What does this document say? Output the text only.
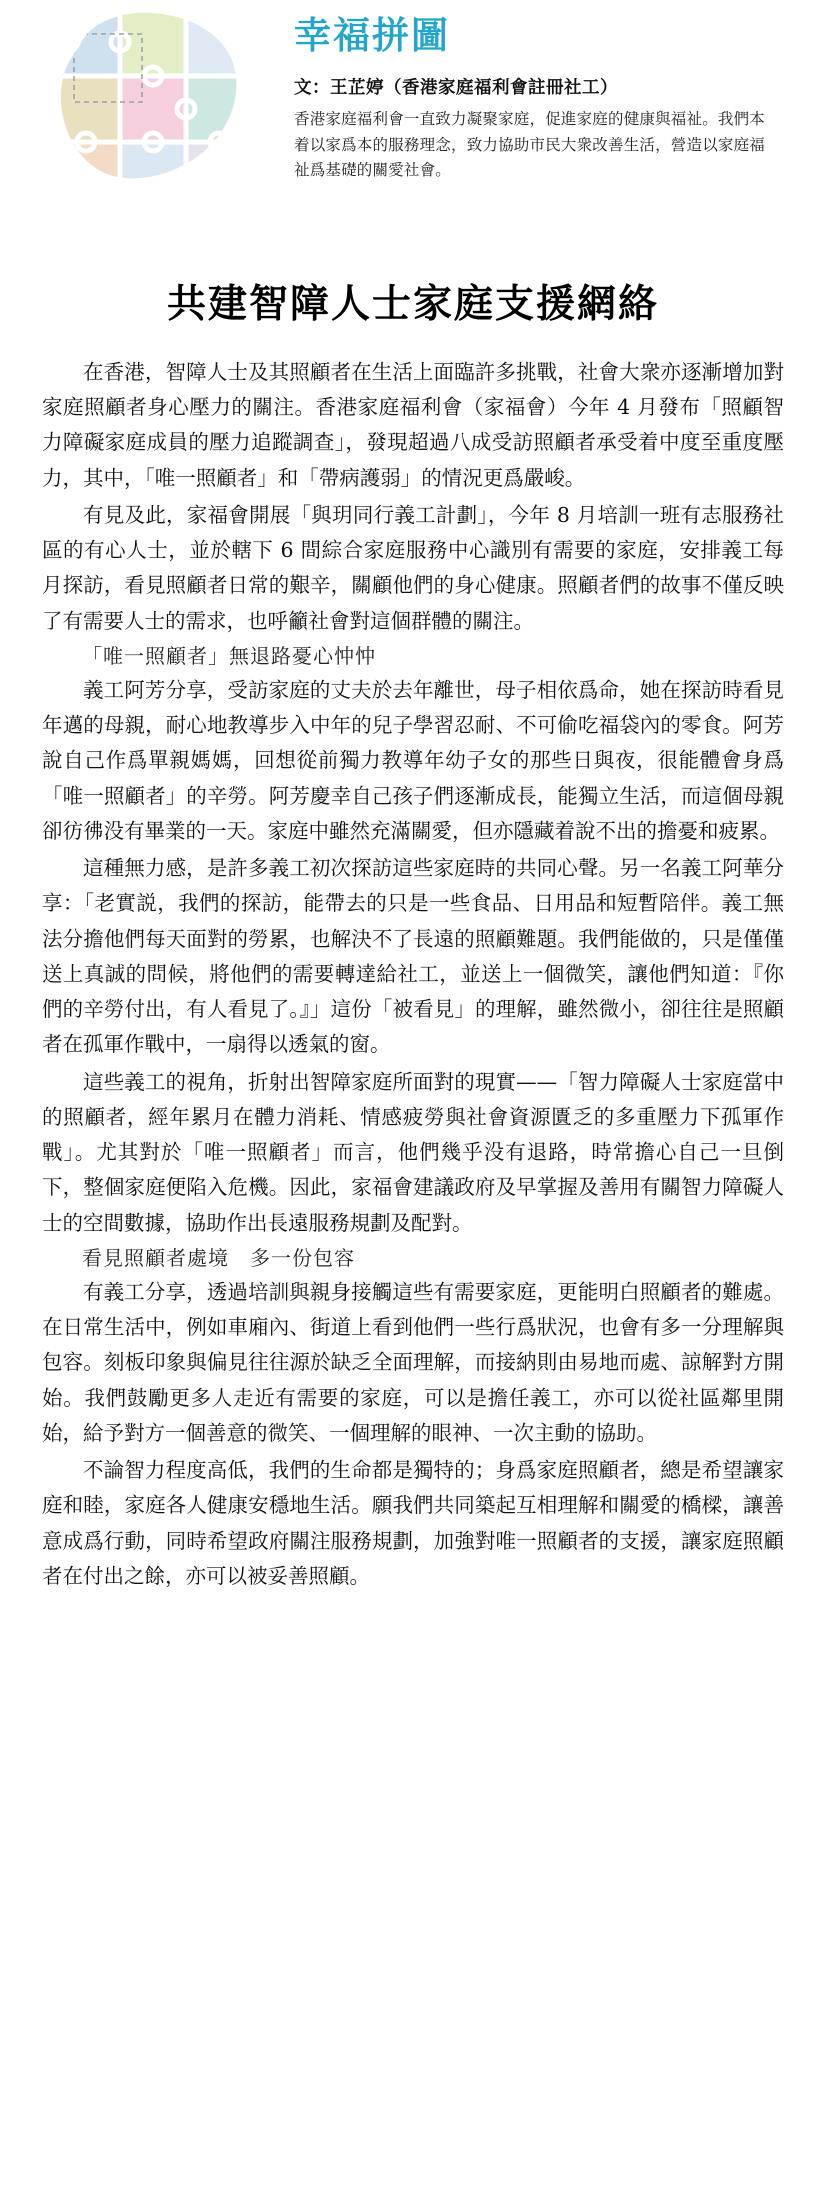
幸福拼圖
文：王芷婷（香港家庭福利會註冊社工）

香港家庭福利會一直致力凝聚家庭，促進家庭的健康與福祉。我們本着以家爲本的服務理念，致力協助市民大衆改善生活，營造以家庭福祉爲基礎的關愛社會。

共建智障人士家庭支援網絡

在香港，智障人士及其照顧者在生活上面臨許多挑戰，社會大衆亦逐漸增加對家庭照顧者身心壓力的關注。香港家庭福利會（家福會）今年 4 月發布「照顧智力障礙家庭成員的壓力追蹤調查」，發現超過八成受訪照顧者承受着中度至重度壓力，其中，「唯一照顧者」和「帶病護弱」的情況更爲嚴峻。

有見及此，家福會開展「與玥同行義工計劃」，今年 8 月培訓一班有志服務社區的有心人士，並於轄下 6 間綜合家庭服務中心識別有需要的家庭，安排義工每月探訪，看見照顧者日常的艱辛，關顧他們的身心健康。照顧者們的故事不僅反映了有需要人士的需求，也呼籲社會對這個群體的關注。

「唯一照顧者」無退路憂心忡忡

義工阿芳分享，受訪家庭的丈夫於去年離世，母子相依爲命，她在探訪時看見年邁的母親，耐心地教導步入中年的兒子學習忍耐、不可偷吃福袋內的零食。阿芳說自己作爲單親媽媽，回想從前獨力教導年幼子女的那些日與夜，很能體會身爲「唯一照顧者」的辛勞。阿芳慶幸自己孩子們逐漸成長，能獨立生活，而這個母親卻彷彿没有畢業的一天。家庭中雖然充滿關愛，但亦隱藏着說不出的擔憂和疲累。

這種無力感，是許多義工初次探訪這些家庭時的共同心聲。另一名義工阿華分享：「老實説，我們的探訪，能帶去的只是一些食品、日用品和短暫陪伴。義工無法分擔他們每天面對的勞累，也解決不了長遠的照顧難題。我們能做的，只是僅僅送上真誠的問候，將他們的需要轉達給社工，並送上一個微笑，讓他們知道：『你們的辛勞付出，有人看見了。』」這份「被看見」的理解，雖然微小，卻往往是照顧者在孤軍作戰中，一扇得以透氣的窗。

這些義工的視角，折射出智障家庭所面對的現實——「智力障礙人士家庭當中的照顧者，經年累月在體力消耗、情感疲勞與社會資源匱乏的多重壓力下孤軍作戰」。尤其對於「唯一照顧者」而言，他們幾乎没有退路，時常擔心自己一旦倒下，整個家庭便陷入危機。因此，家福會建議政府及早掌握及善用有關智力障礙人士的空間數據，協助作出長遠服務規劃及配對。

看見照顧者處境　多一份包容

有義工分享，透過培訓與親身接觸這些有需要家庭，更能明白照顧者的難處。在日常生活中，例如車廂內、街道上看到他們一些行爲狀況，也會有多一分理解與包容。刻板印象與偏見往往源於缺乏全面理解，而接納則由易地而處、諒解對方開始。我們鼓勵更多人走近有需要的家庭，可以是擔任義工，亦可以從社區鄰里開始，給予對方一個善意的微笑、一個理解的眼神、一次主動的協助。

不論智力程度高低，我們的生命都是獨特的；身爲家庭照顧者，總是希望讓家庭和睦，家庭各人健康安穩地生活。願我們共同築起互相理解和關愛的橋樑，讓善意成爲行動，同時希望政府關注服務規劃，加強對唯一照顧者的支援，讓家庭照顧者在付出之餘，亦可以被妥善照顧。
